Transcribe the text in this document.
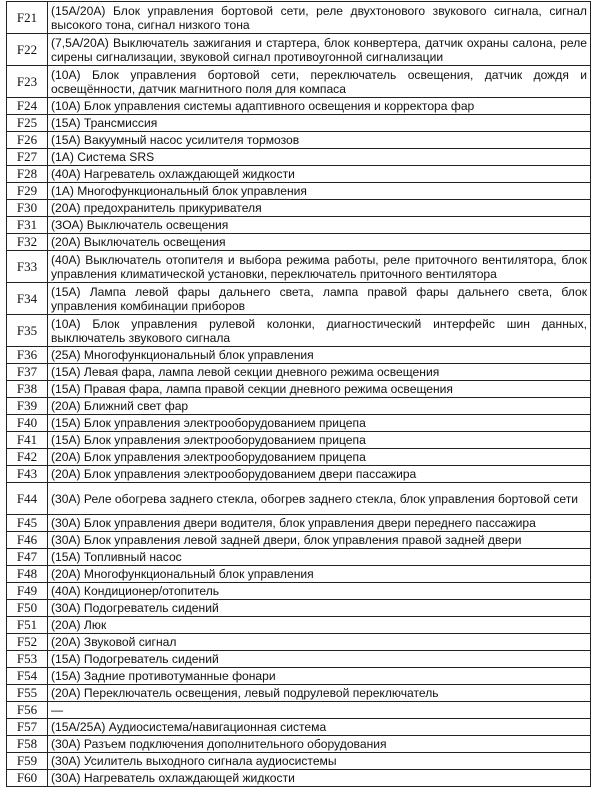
F21	(15А/20А) Блок управления бортовой сети, реле двухтонового звукового сигнала, сигнал высокого тона, сигнал низкого тона
F22	(7,5А/20А) Выключатель зажигания и стартера, блок конвертера, датчик охраны салона, реле сирены сигнализации, звуковой сигнал противоугонной сигнализации
F23	(10А) Блок управления бортовой сети, переключатель освещения, датчик дождя и освещённости, датчик магнитного поля для компаса
F24	(10А) Блок управления системы адаптивного освещения и корректора фар
F25	(15А) Трансмиссия
F26	(15А) Вакуумный насос усилителя тормозов
F27	(1А) Система SRS
F28	(40А) Нагреватель охлаждающей жидкости
F29	(1А) Многофункциональный блок управления
F30	(20А) предохранитель прикуривателя
F31	(ЗОА) Выключатель освещения
F32	(20А) Выключатель освещения
F33	(40А) Выключатель отопителя и выбора режима работы, реле приточного вентилятора, блок управления климатической установки, переключатель приточного вентилятора
F34	(15А) Лампа левой фары дальнего света, лампа правой фары дальнего света, блок управления комбинации приборов
F35	(10А) Блок управления рулевой колонки, диагностический интерфейс шин данных, выключатель звукового сигнала
F36	(25А) Многофункциональный блок управления
F37	(15А) Левая фара, лампа левой секции дневного режима освещения
F38	(15А) Правая фара, лампа правой секции дневного режима освещения
F39	(20А) Ближний свет фар
F40	(15А) Блок управления электрооборудованием прицепа
F41	(15А) Блок управления электрооборудованием прицепа
F42	(20А) Блок управления электрооборудованием прицепа
F43	(20А) Блок управления электрооборудованием двери пассажира
F44	(30А) Реле обогрева заднего стекла, обогрев заднего стекла, блок управления бортовой сети
F45	(30А) Блок управления двери водителя, блок управления двери переднего пассажира
F46	(30А) Блок управления левой задней двери, блок управления правой задней двери
F47	(15А) Топливный насос
F48	(20А) Многофункциональный блок управления
F49	(40А) Кондиционер/отопитель
F50	(30А) Подогреватель сидений
F51	(20А) Люк
F52	(20А) Звуковой сигнал
F53	(15А) Подогреватель сидений
F54	(15А) Задние противотуманные фонари
F55	(20А) Переключатель освещения, левый подрулевой переключатель
F56	—
F57	(15А/25А) Аудиосистема/навигационная система
F58	(30А) Разъем подключения дополнительного оборудования
F59	(30А) Усилитель выходного сигнала аудиосистемы
F60	(30А) Нагреватель охлаждающей жидкости
